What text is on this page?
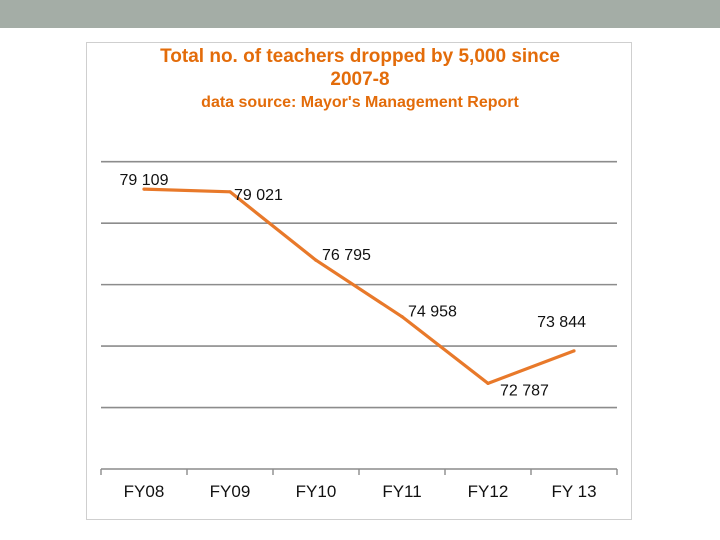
Total no. of teachers dropped by 5,000 since
2007-8
data source: Mayor's Management Report
FY08	FY09	FY10	FY11	FY12	FY 13
79 109
79 021
76 795
74 958
72 787
73 844
